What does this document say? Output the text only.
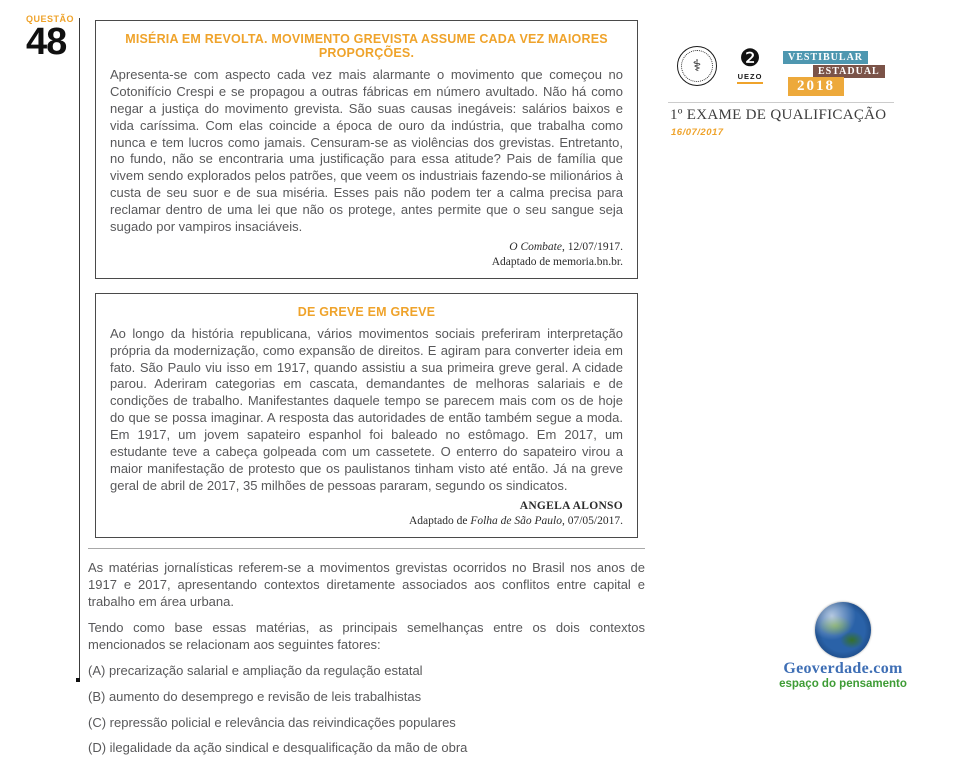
QUESTÃO
48	MISÉRIA EM REVOLTA. MOVIMENTO GREVISTA ASSUME CADA VEZ MAIORES PROPORÇÕES.
Apresenta-se com aspecto cada vez mais alarmante o movimento que começou no Cotonifício Crespi e se propagou a outras fábricas em número avultado. Não há como negar a justiça do movimento grevista. São suas causas inegáveis: salários baixos e vida caríssima. Com elas coincide a época de ouro da indústria, que trabalha como nunca e tem lucros como jamais. Censuram-se as violências dos grevistas. Entretanto, no fundo, não se encontraria uma justificação para essa atitude? Pais de família que vivem sendo explorados pelos patrões, que veem os industriais fazendo-se milionários à custa de seu suor e de sua miséria. Esses pais não podem ter a calma precisa para reclamar dentro de uma lei que não os protege, antes permite que o seu sangue seja sugado por vampiros insaciáveis.
O Combate, 12/07/1917.
Adaptado de memoria.bn.br.
DE GREVE EM GREVE
Ao longo da história republicana, vários movimentos sociais preferiram interpretação própria da modernização, como expansão de direitos. E agiram para converter ideia em fato. São Paulo viu isso em 1917, quando assistiu a sua primeira greve geral. A cidade parou. Aderiram categorias em cascata, demandantes de melhoras salariais e de condições de trabalho. Manifestantes daquele tempo se parecem mais com os de hoje do que se possa imaginar. A resposta das autoridades de então também segue a moda. Em 1917, um jovem sapateiro espanhol foi baleado no estômago. Em 2017, um estudante teve a cabeça golpeada com um cassetete. O enterro do sapateiro virou a maior manifestação de protesto que os paulistanos tinham visto até então. Já na greve geral de abril de 2017, 35 milhões de pessoas pararam, segundo os sindicatos.
ANGELA ALONSO
Adaptado de Folha de São Paulo, 07/05/2017.

As matérias jornalísticas referem-se a movimentos grevistas ocorridos no Brasil nos anos de 1917 e 2017, apresentando contextos diretamente associados aos conflitos entre capital e trabalho em área urbana.

Tendo como base essas matérias, as principais semelhanças entre os dois contextos mencionados se relacionam aos seguintes fatores:

(A) precarização salarial e ampliação da regulação estatal
(B) aumento do desemprego e revisão de leis trabalhistas
(C) repressão policial e relevância das reivindicações populares
(D) ilegalidade da ação sindical e desqualificação da mão de obra
⚕	❷
UEZO
VESTIBULAR
ESTADUAL
2018
1º EXAME DE QUALIFICAÇÃO
16/07/2017
Geoverdade.com
espaço do pensamento
